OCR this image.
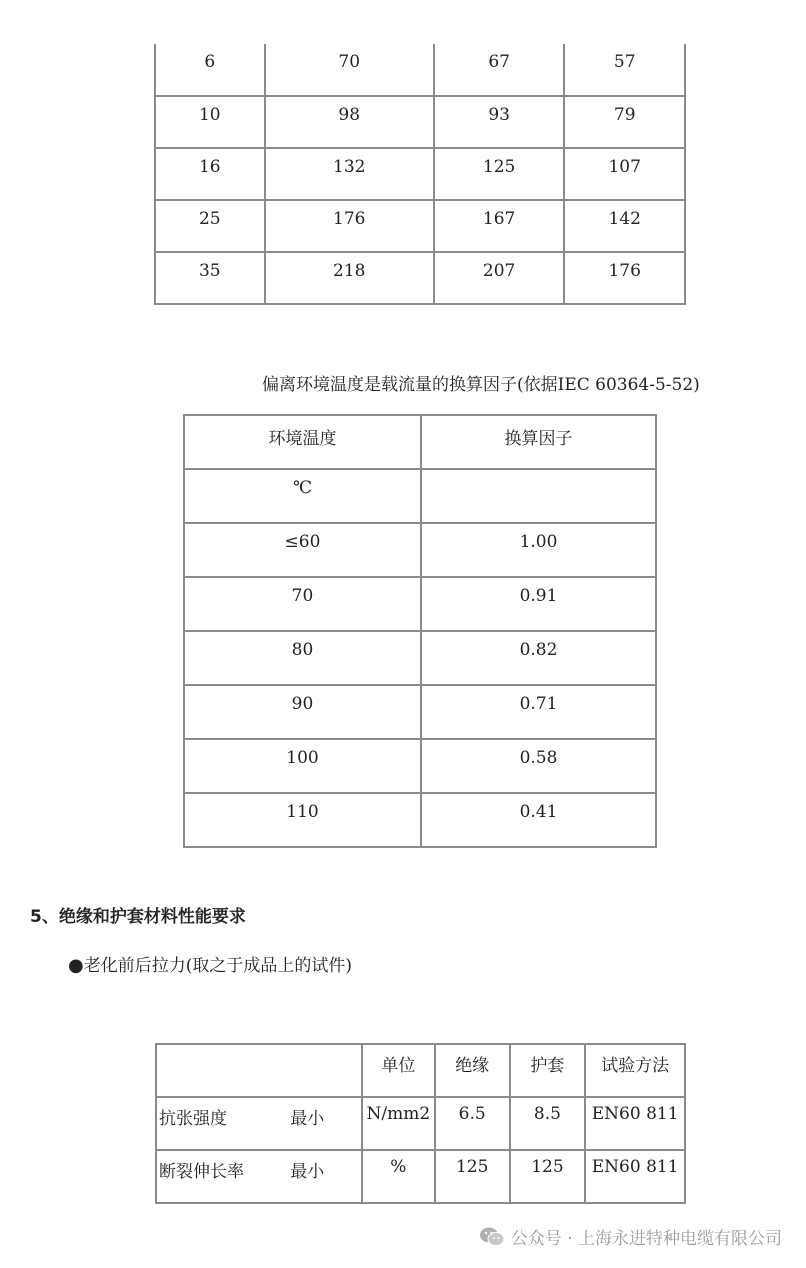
6	70	67	57
10	98	93	79
16	132	125	107
25	176	167	142
35	218	207	176
偏离环境温度是载流量的换算因子(依据IEC 60364-5-52)
环境温度	换算因子
℃	
≤60	1.00
70	0.91
80	0.82
90	0.71
100	0.58
110	0.41
5、绝缘和护套材料性能要求
●老化前后拉力(取之于成品上的试件)
		单位	绝缘	护套	试验方法
抗张强度	最小	N/mm2	6.5	8.5	EN60 811
断裂伸长率	最小	%	125	125	EN60 811
公众号 · 上海永进特种电缆有限公司
